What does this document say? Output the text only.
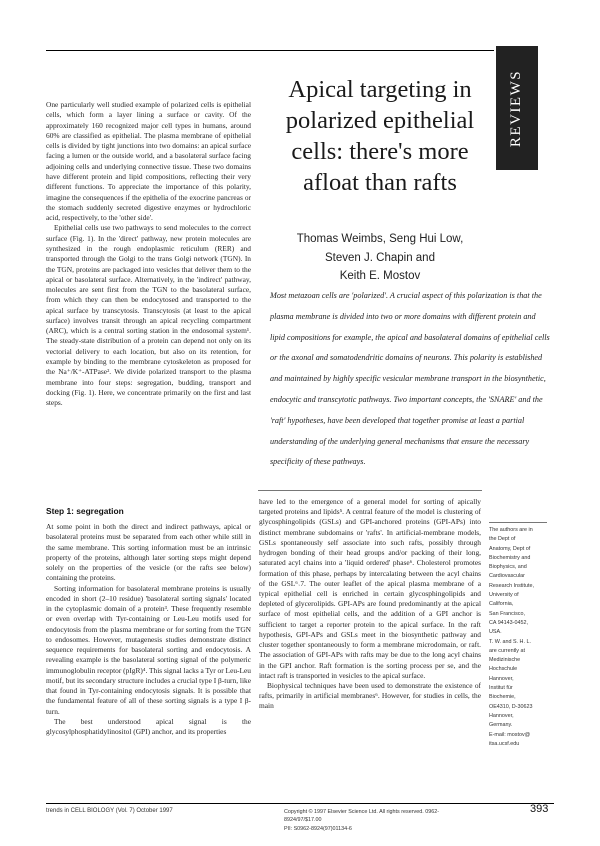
REVIEWS
Apical targeting in polarized epithelial cells: there's more afloat than rafts
Thomas Weimbs, Seng Hui Low,
Steven J. Chapin and
Keith E. Mostov

Most metazoan cells are 'polarized'. A crucial aspect of this polarization is that the plasma membrane is divided into two or more domains with different protein and lipid compositions for example, the apical and basolateral domains of epithelial cells or the axonal and somatodendritic domains of neurons. This polarity is established and maintained by highly specific vesicular membrane transport in the biosynthetic, endocytic and transcytotic pathways. Two important concepts, the 'SNARE' and the 'raft' hypotheses, have been developed that together promise at least a partial understanding of the underlying general mechanisms that ensure the necessary specificity of these pathways.

One particularly well studied example of polarized cells is epithelial cells, which form a layer lining a surface or cavity. Of the approximately 160 recognized major cell types in humans, around 60% are classified as epithelial. The plasma membrane of epithelial cells is divided by tight junctions into two domains: an apical surface facing a lumen or the outside world, and a basolateral surface facing adjoining cells and underlying connective tissue. These two domains have different protein and lipid compositions, reflecting their very different functions. To appreciate the importance of this polarity, imagine the consequences if the epithelia of the exocrine pancreas or the stomach suddenly secreted digestive enzymes or hydrochloric acid, respectively, to the 'other side'.

Epithelial cells use two pathways to send molecules to the correct surface (Fig. 1). In the 'direct' pathway, new protein molecules are synthesized in the rough endoplasmic reticulum (RER) and transported through the Golgi to the trans Golgi network (TGN). In the TGN, proteins are packaged into vesicles that deliver them to the apical or basolateral surface. Alternatively, in the 'indirect' pathway, molecules are sent first from the TGN to the basolateral surface, from which they can then be endocytosed and transported to the apical surface by transcytosis. Transcytosis (at least to the apical surface) involves transit through an apical recycling compartment (ARC), which is a central sorting station in the endosomal system¹. The steady-state distribution of a protein can depend not only on its vectorial delivery to each location, but also on its retention, for example by binding to the membrane cytoskeleton as proposed for the Na⁺/K⁺-ATPase². We divide polarized transport to the plasma membrane into four steps: segregation, budding, transport and docking (Fig. 1). Here, we concentrate primarily on the first and last steps.

Step 1: segregation

At some point in both the direct and indirect pathways, apical or basolateral proteins must be separated from each other while still in the same membrane. This sorting information must be an intrinsic property of the proteins, although later sorting steps might depend solely on the properties of the vesicle (or the rafts see below) containing the proteins.

Sorting information for basolateral membrane proteins is usually encoded in short (2–10 residue) 'basolateral sorting signals' located in the cytoplasmic domain of a protein³. These frequently resemble or even overlap with Tyr-containing or Leu-Leu motifs used for endocytosis from the plasma membrane or for sorting from the TGN to endosomes. However, mutagenesis studies demonstrate distinct sequence requirements for basolateral sorting and endocytosis. A revealing example is the basolateral sorting signal of the polymeric immunoglobulin receptor (pIgR)⁴. This signal lacks a Tyr or Leu-Leu motif, but its secondary structure includes a crucial type I β-turn, like that found in Tyr-containing endocytosis signals. It is possible that the fundamental feature of all of these sorting signals is a type I β-turn.

The best understood apical signal is the glycosylphosphatidylinositol (GPI) anchor, and its properties

have led to the emergence of a general model for sorting of apically targeted proteins and lipids⁵. A central feature of the model is clustering of glycosphingolipids (GSLs) and GPI-anchored proteins (GPI-APs) into distinct membrane subdomains or 'rafts'. In artificial-membrane models, GSLs spontaneously self associate into such rafts, possibly through hydrogen bonding of their head groups and/or packing of their long, saturated acyl chains into a 'liquid ordered' phase⁶. Cholesterol promotes formation of this phase, perhaps by intercalating between the acyl chains of the GSL⁶˒7. The outer leaflet of the apical plasma membrane of a typical epithelial cell is enriched in certain glycosphingolipids and depleted of glycerolipids. GPI-APs are found predominantly at the apical surface of most epithelial cells, and the addition of a GPI anchor is sufficient to target a reporter protein to the apical surface. In the raft hypothesis, GPI-APs and GSLs meet in the biosynthetic pathway and cluster together spontaneously to form a membrane microdomain, or raft. The association of GPI-APs with rafts may be due to the long acyl chains in the GPI anchor. Raft formation is the sorting process per se, and the intact raft is transported in vesicles to the apical surface.

Biophysical techniques have been used to demonstrate the existence of rafts, primarily in artificial membranes⁶. However, for studies in cells, the main

The authors are in
the Dept of
Anatomy, Dept of
Biochemistry and
Biophysics, and
Cardiovascular
Research Institute,
University of
California,
San Francisco,
CA 94143-0452,
USA.
T. W. and S. H. L.
are currently at
Medizinische
Hochschule
Hannover,
Institut für
Biochemie,
OE4310, D-30623
Hannover,
Germany.
E-mail: mostov@
itsa.ucsf.edu
trends in CELL BIOLOGY (Vol. 7) October 1997	Copyright © 1997 Elsevier Science Ltd. All rights reserved. 0962-8924/97/$17.00
PII: S0962-8924(97)01134-6
393
